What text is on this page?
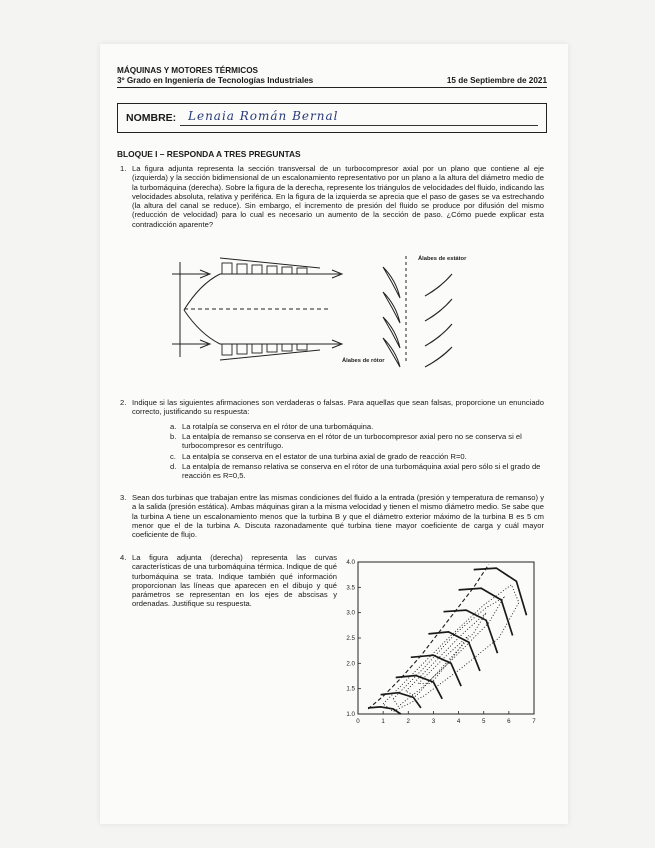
MÁQUINAS Y MOTORES TÉRMICOS
3º Grado en Ingeniería de Tecnologías Industriales	15 de Septiembre de 2021
NOMBRE: Lenaia Román Bernal
BLOQUE I – RESPONDA A TRES PREGUNTAS
1. La figura adjunta representa la sección transversal de un turbocompresor axial por un plano que contiene al eje (izquierda) y la sección bidimensional de un escalonamiento representativo por un plano a la altura del diámetro medio de la turbomáquina (derecha). Sobre la figura de la derecha, represente los triángulos de velocidades del fluido, indicando las velocidades absoluta, relativa y periférica. En la figura de la izquierda se aprecia que el paso de gases se va estrechando (la altura del canal se reduce). Sin embargo, el incremento de presión del fluido se produce por difusión del mismo (reducción de velocidad) para lo cual es necesario un aumento de la sección de paso. ¿Cómo puede explicar esta contradicción aparente?
Álabes de estátor
Álabes de rótor
2. Indique si las siguientes afirmaciones son verdaderas o falsas. Para aquellas que sean falsas, proporcione un enunciado correcto, justificando su respuesta:
a. La rotalpía se conserva en el rótor de una turbomáquina.
b. La entalpía de remanso se conserva en el rótor de un turbocompresor axial pero no se conserva si el turbocompresor es centrífugo.
c. La entalpía se conserva en el estator de una turbina axial de grado de reacción R=0.
d. La entalpía de remanso relativa se conserva en el rótor de una turbomáquina axial pero sólo si el grado de reacción es R=0,5.
3. Sean dos turbinas que trabajan entre las mismas condiciones del fluido a la entrada (presión y temperatura de remanso) y a la salida (presión estática). Ambas máquinas giran a la misma velocidad y tienen el mismo diámetro medio. Se sabe que la turbina A tiene un escalonamiento menos que la turbina B y que el diámetro exterior máximo de la turbina B es 5 cm menor que el de la turbina A. Discuta razonadamente qué turbina tiene mayor coeficiente de carga y cuál mayor coeficiente de flujo.
4. La figura adjunta (derecha) representa las curvas características de una turbomáquina térmica. Indique de qué turbomáquina se trata. Indique también qué información proporcionan las líneas que aparecen en el dibujo y qué parámetros se representan en los ejes de abscisas y ordenadas. Justifique su respuesta.
0	1	2	3	4	5	6	7
1.0
1.5
2.0
2.5
3.0
3.5
4.0
